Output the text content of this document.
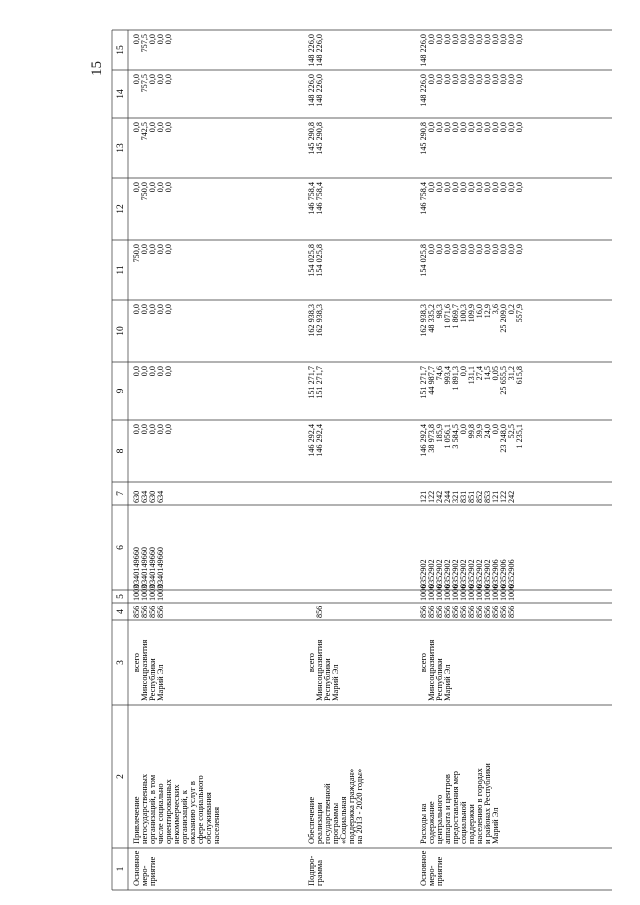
15
1
2
3
4
5
6
7
8
9
10
11
12
13
14
15
Основное
меро-
приятие
Привлечение
негосударственных
организаций, в том
числе социально
ориентированных
некоммерческих
организаций, к
оказанию услуг в
сфере социального
обслуживания
населения
всего
Минсоцразвития
Республики
Марий Эл
856
1003
0340149660
630
0,0
0,0
0,0
750,0
0,0
0,0
0,0
0,0
856
1003
0340149660
634
0,0
0,0
0,0
0,0
750,0
742,5
757,5
757,5
856
1003
0340149660
630
0,0
0,0
0,0
0,0
0,0
0,0
0,0
0,0
856
1003
0340149660
634
0,0
0,0
0,0
0,0
0,0
0,0
0,0
0,0
0,0
0,0
0,0
0,0
0,0
0,0
0,0
0,0
Подпро-
грамма
Обеспечение
реализации
государственной
программы
«Социальная
поддержка граждан»
на 2013 - 2020 годы»
всего
Минсоцразвития
Республики
Марий Эл
146 292,4
151 271,7
162 938,3
154 025,8
146 758,4
145 290,8
148 226,0
148 226,0
856
146 292,4
151 271,7
162 938,3
154 025,8
146 758,4
145 290,8
148 226,0
148 226,0
Основное
меро-
приятие
Расходы на
содержание
центрального
аппарата и центров
предоставления мер
социальной
поддержки
населению в городах
и районах Республики
Марий Эл
всего
Минсоцразвития
Республики
Марий Эл
856
1006
0352902
121
146 292,4
151 271,7
162 938,3
154 025,8
146 758,4
145 290,8
148 226,0
148 226,0
856
1006
0352902
122
38 973,8
44 987,7
48 335,2
0,0
0,0
0,0
0,0
0,0
856
1006
0352902
242
185,9
74,6
98,3
0,0
0,0
0,0
0,0
0,0
856
1006
0352902
244
1 056,1
993,4
1 071,6
0,0
0,0
0,0
0,0
0,0
856
1006
0352902
321
3 584,5
1 891,3
1 869,7
0,0
0,0
0,0
0,0
0,0
856
1006
0352902
831
0,0
0,0
100,3
0,0
0,0
0,0
0,0
0,0
856
1006
0352902
851
99,8
131,1
109,9
0,0
0,0
0,0
0,0
0,0
856
1006
0352902
852
39,9
27,4
16,0
0,0
0,0
0,0
0,0
0,0
856
1006
0352902
853
24,0
14,5
12,9
0,0
0,0
0,0
0,0
0,0
856
1006
0352906
121
0,0
0,05
3,6
0,0
0,0
0,0
0,0
0,0
856
1006
0352906
122
23 248,0
25 655,5
25 209,0
0,0
0,0
0,0
0,0
0,0
856
1006
0352906
242
52,5
31,2
0,2
0,0
0,0
0,0
0,0
0,0
1 235,1
615,8
557,9
0,0
0,0
0,0
0,0
0,0
